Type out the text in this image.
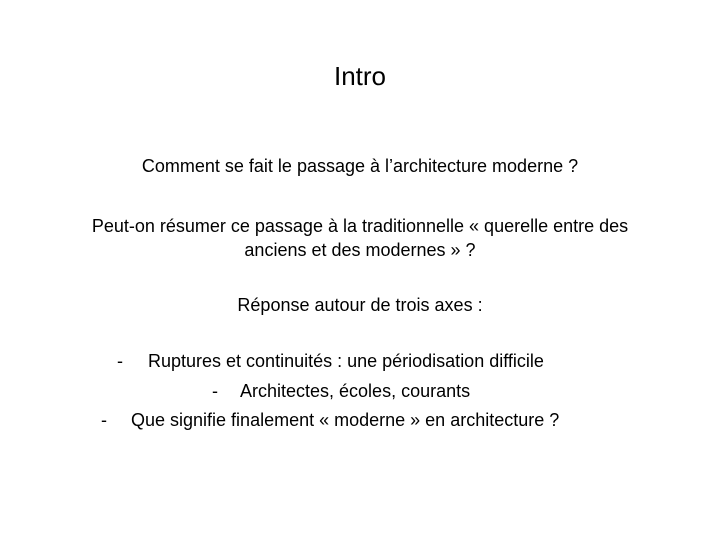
Intro
Comment se fait le passage à l’architecture moderne ?
Peut-on résumer ce passage à la traditionnelle « querelle entre des
anciens et des modernes » ?
Réponse autour de trois axes :
- Ruptures et continuités : une périodisation difficile
- Architectes, écoles, courants
- Que signifie finalement « moderne » en architecture ?
